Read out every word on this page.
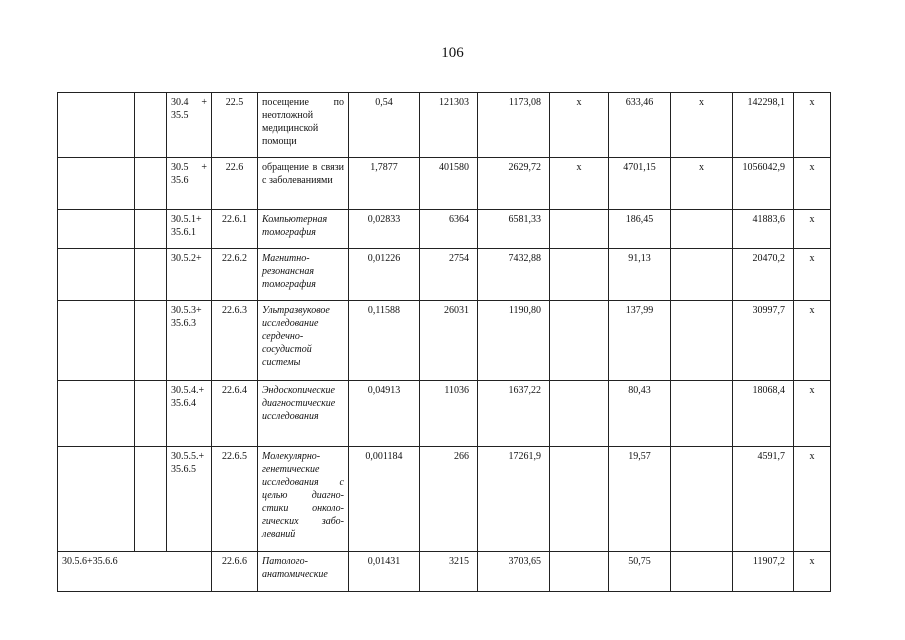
106
		30.4 + 35.5	22.5	посещение по неотложной медицинской помощи	0,54	121303	1173,08	х	633,46	х	142298,1	х
		30.5 + 35.6	22.6	обращение в связи с заболеваниями	1,7877	401580	2629,72	х	4701,15	х	1056042,9	х
		30.5.1+ 35.6.1	22.6.1	Компьютерная томография	0,02833	6364	6581,33		186,45		41883,6	х
		30.5.2+	22.6.2	Магнитно-резонансная томография	0,01226	2754	7432,88		91,13		20470,2	х
		30.5.3+ 35.6.3	22.6.3	Ультразвуковое исследование сердечно-сосудистой системы	0,11588	26031	1190,80		137,99		30997,7	х
		30.5.4.+ 35.6.4	22.6.4	Эндоскопические диагностические исследования	0,04913	11036	1637,22		80,43		18068,4	х
		30.5.5.+ 35.6.5	22.6.5	Молекулярно-генетические исследования с целью диагностики онкологических заболеваний	0,001184	266	17261,9		19,57		4591,7	х
30.5.6+35.6.6			22.6.6	Патолого-анатомические	0,01431	3215	3703,65		50,75		11907,2	х
